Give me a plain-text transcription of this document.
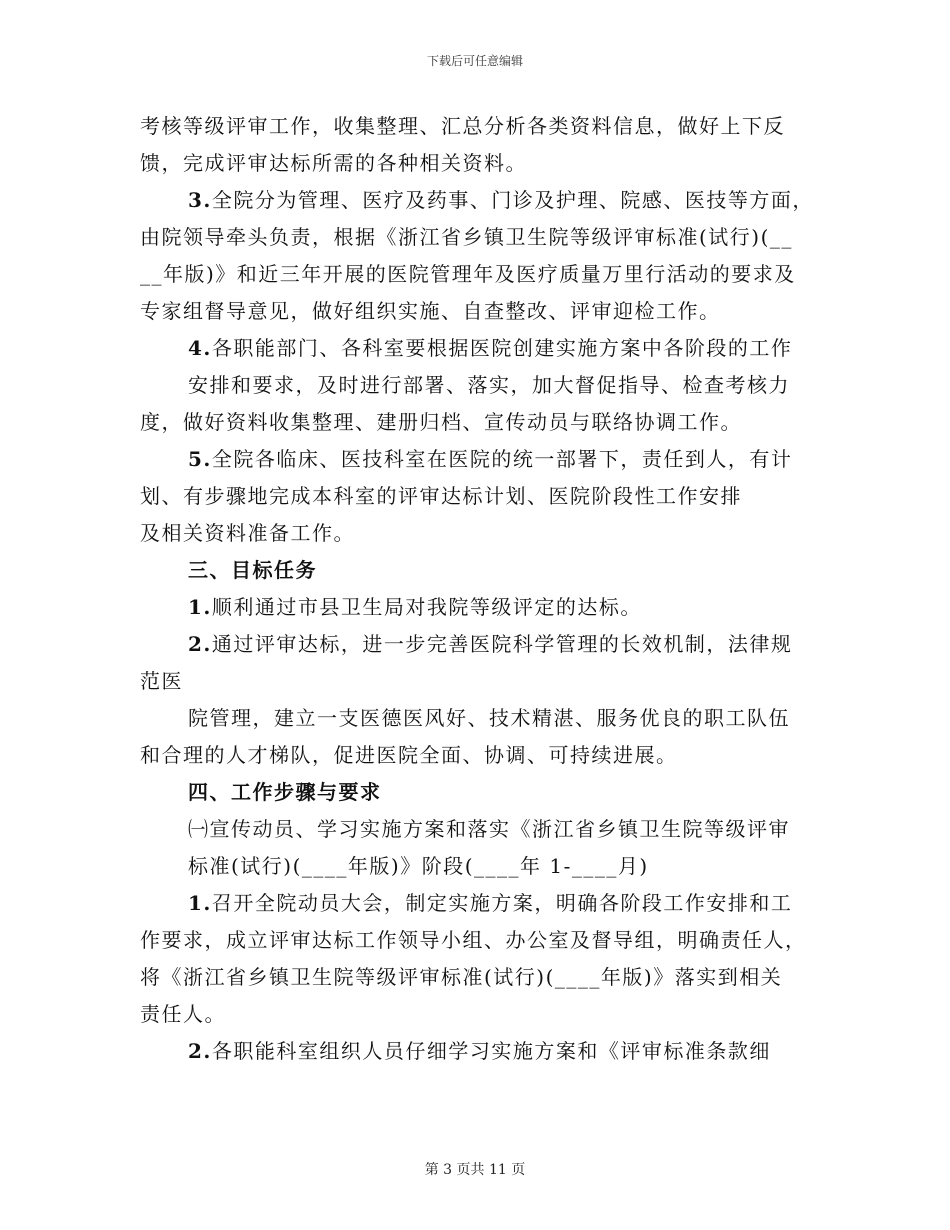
下载后可任意编辑
考核等级评审工作，收集整理、汇总分析各类资料信息，做好上下反
馈，完成评审达标所需的各种相关资料。
3.全院分为管理、医疗及药事、门诊及护理、院感、医技等方面，
由院领导牵头负责，根据《浙江省乡镇卫生院等级评审标准(试行)(__
__年版)》和近三年开展的医院管理年及医疗质量万里行活动的要求及
专家组督导意见，做好组织实施、自查整改、评审迎检工作。
4.各职能部门、各科室要根据医院创建实施方案中各阶段的工作
安排和要求，及时进行部署、落实，加大督促指导、检查考核力
度，做好资料收集整理、建册归档、宣传动员与联络协调工作。
5.全院各临床、医技科室在医院的统一部署下，责任到人，有计
划、有步骤地完成本科室的评审达标计划、医院阶段性工作安排
及相关资料准备工作。
三、目标任务
1.顺利通过市县卫生局对我院等级评定的达标。
2.通过评审达标，进一步完善医院科学管理的长效机制，法律规
范医
院管理，建立一支医德医风好、技术精湛、服务优良的职工队伍
和合理的人才梯队，促进医院全面、协调、可持续进展。
四、工作步骤与要求
㈠宣传动员、学习实施方案和落实《浙江省乡镇卫生院等级评审
标准(试行)(____年版)》阶段(____年 1-____月)
1.召开全院动员大会，制定实施方案，明确各阶段工作安排和工
作要求，成立评审达标工作领导小组、办公室及督导组，明确责任人，
将《浙江省乡镇卫生院等级评审标准(试行)(____年版)》落实到相关
责任人。
2.各职能科室组织人员仔细学习实施方案和《评审标准条款细
第 3 页共 11 页
